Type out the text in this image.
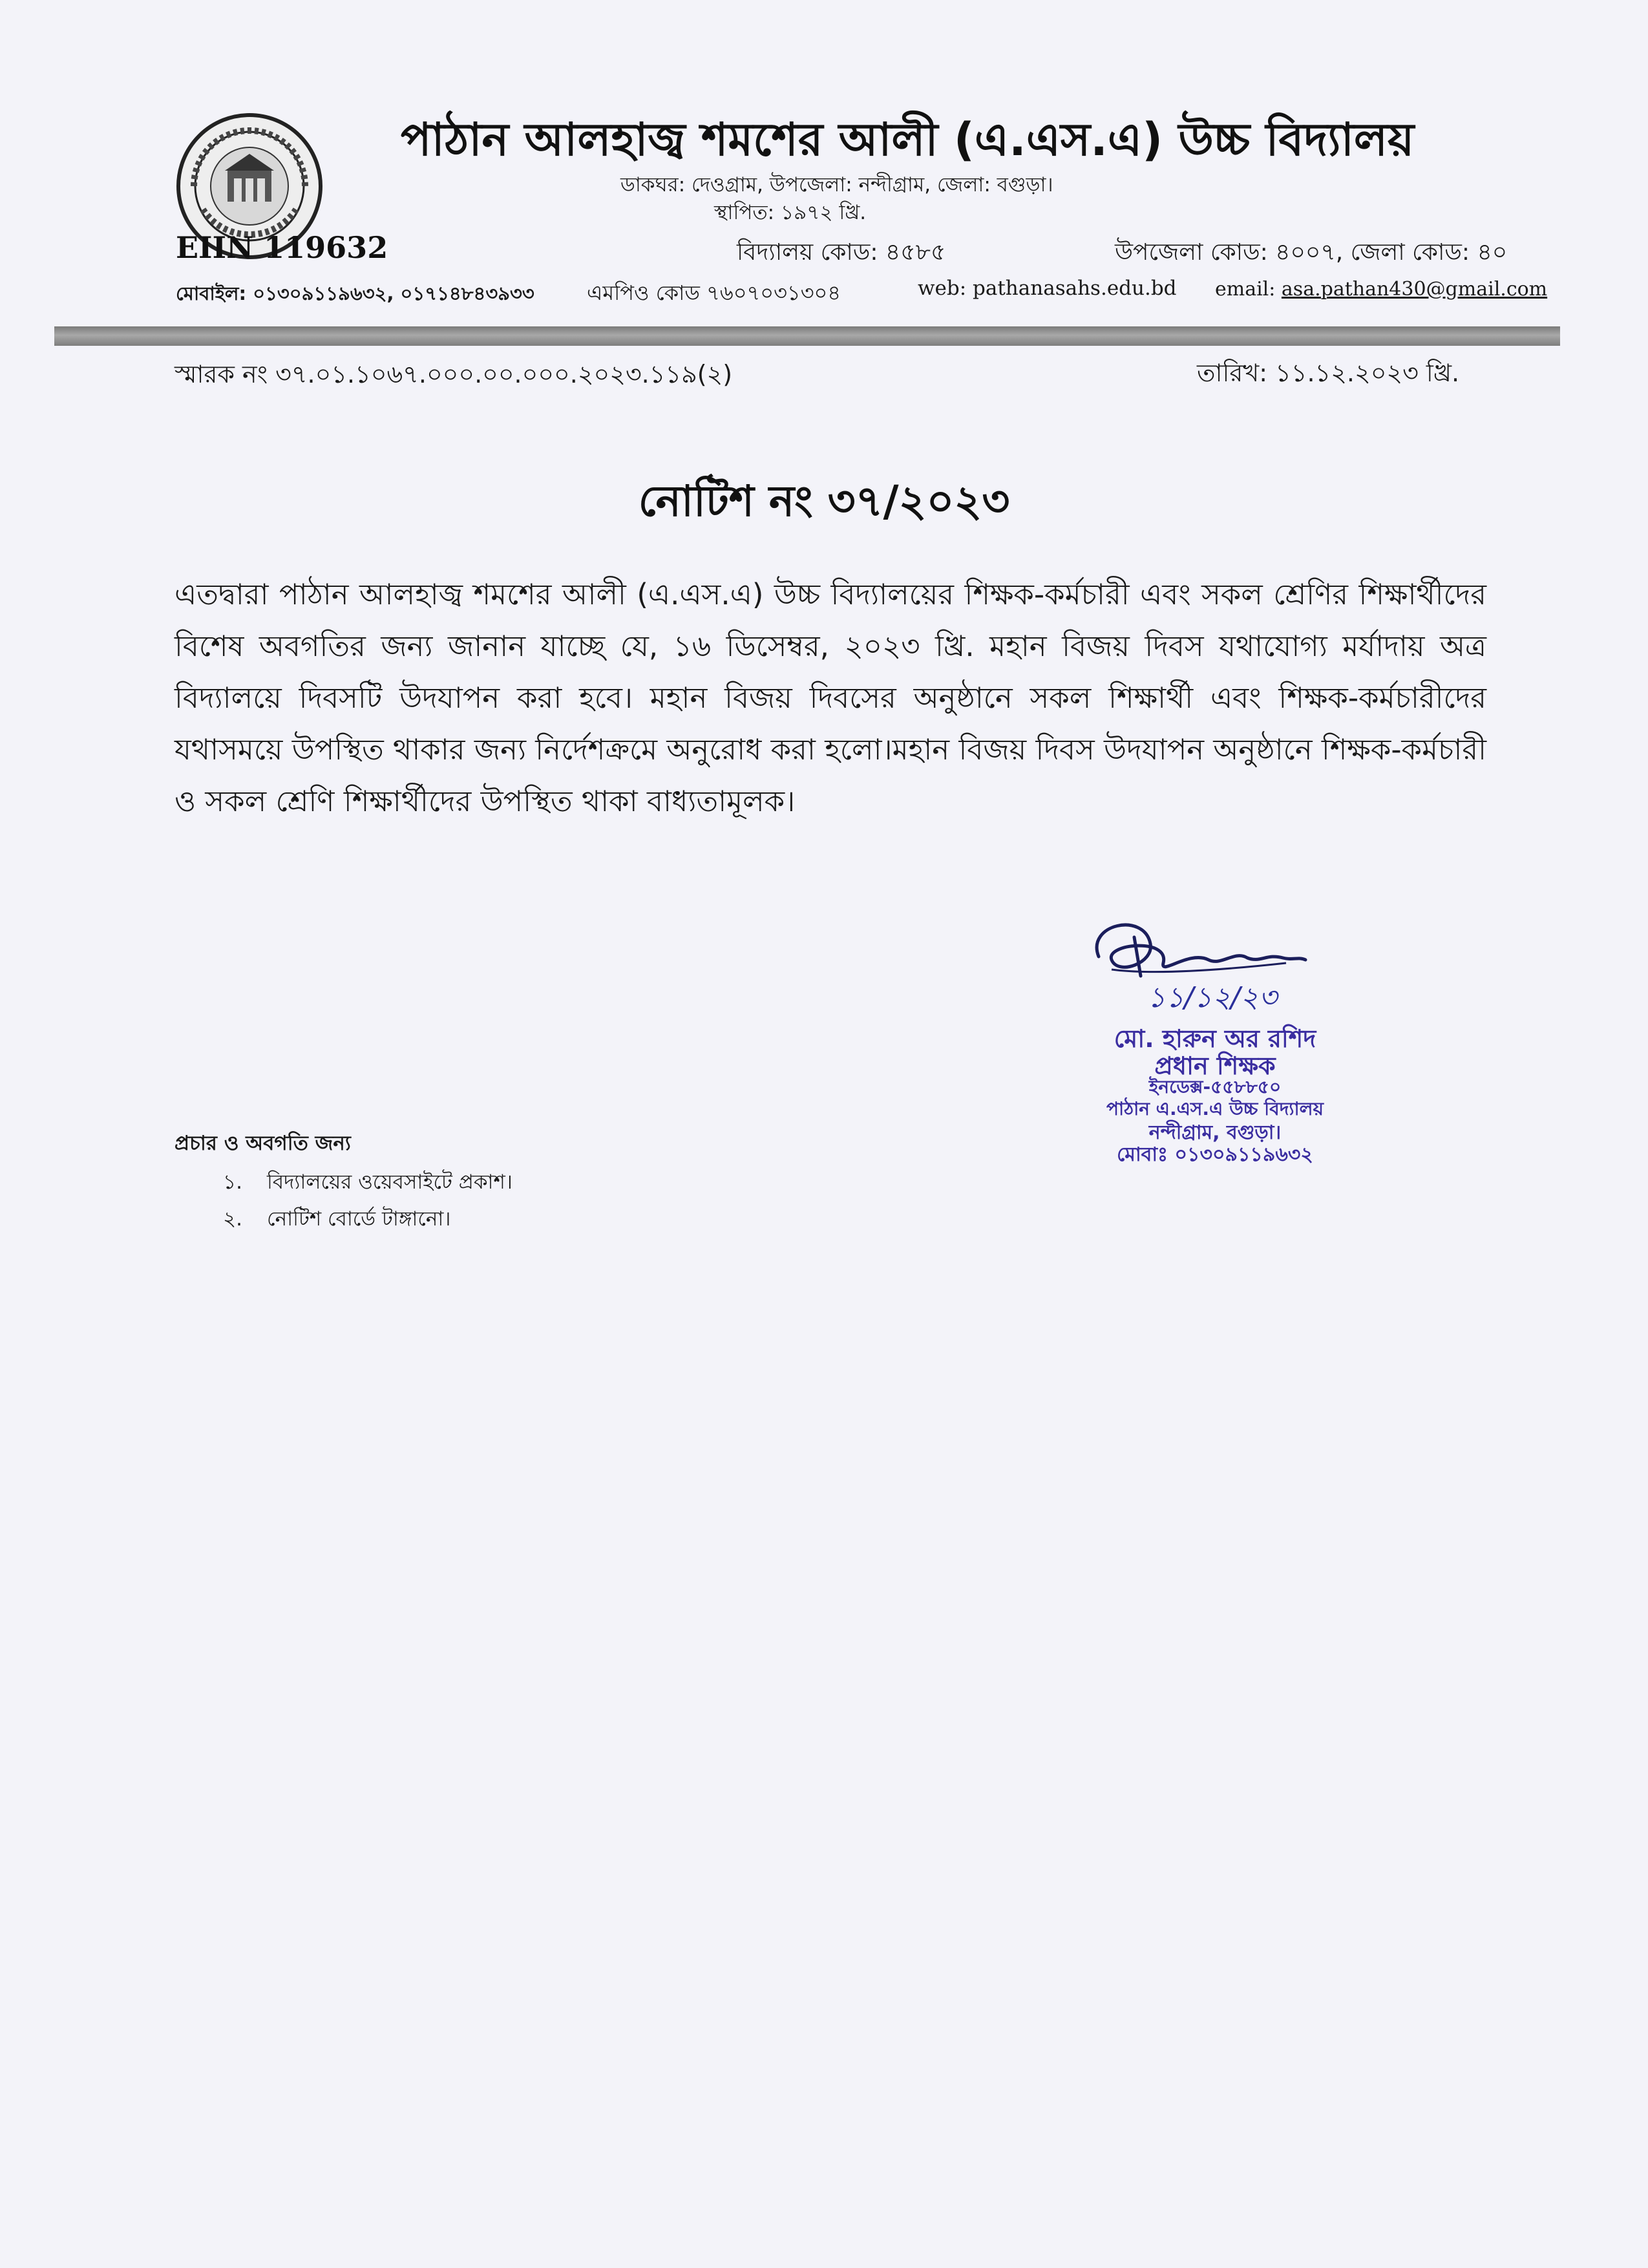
পাঠান আলহাজ্ব শমশের আলী (এ.এস.এ) উচ্চ বিদ্যালয়
ডাকঘর: দেওগ্রাম, উপজেলা: নন্দীগ্রাম, জেলা: বগুড়া।
স্থাপিত: ১৯৭২ খ্রি.
EIIN 119632	বিদ্যালয় কোড: ৪৫৮৫	উপজেলা কোড: ৪০০৭, জেলা কোড: ৪০
মোবাইল: ০১৩০৯১১৯৬৩২, ০১৭১৪৮৪৩৯৩৩	এমপিও কোড ৭৬০৭০৩১৩০৪	web: pathanasahs.edu.bd email: asa.pathan430@gmail.com
স্মারক নং ৩৭.০১.১০৬৭.০০০.০০.০০০.২০২৩.১১৯(২)	তারিখ: ১১.১২.২০২৩ খ্রি.
নোটিশ নং ৩৭/২০২৩
এতদ্বারা পাঠান আলহাজ্ব শমশের আলী (এ.এস.এ) উচ্চ বিদ্যালয়ের শিক্ষক-কর্মচারী এবং সকল শ্রেণির শিক্ষার্থীদের বিশেষ অবগতির জন্য জানান যাচ্ছে যে, ১৬ ডিসেম্বর, ২০২৩ খ্রি. মহান বিজয় দিবস যথাযোগ্য মর্যাদায় অত্র বিদ্যালয়ে দিবসটি উদযাপন করা হবে। মহান বিজয় দিবসের অনুষ্ঠানে সকল শিক্ষার্থী এবং শিক্ষক-কর্মচারীদের যথাসময়ে উপস্থিত থাকার জন্য নির্দেশক্রমে অনুরোধ করা হলো।মহান বিজয় দিবস উদযাপন অনুষ্ঠানে শিক্ষক-কর্মচারী ও সকল শ্রেণি শিক্ষার্থীদের উপস্থিত থাকা বাধ্যতামূলক।
১১/১২/২৩
মো. হারুন অর রশিদ
প্রধান শিক্ষক
ইনডেক্স-৫৫৮৮৫০
পাঠান এ.এস.এ উচ্চ বিদ্যালয়
নন্দীগ্রাম, বগুড়া।
মোবাঃ ০১৩০৯১১৯৬৩২
প্রচার ও অবগতি জন্য
১. বিদ্যালয়ের ওয়েবসাইটে প্রকাশ।
২. নোটিশ বোর্ডে টাঙ্গানো।
